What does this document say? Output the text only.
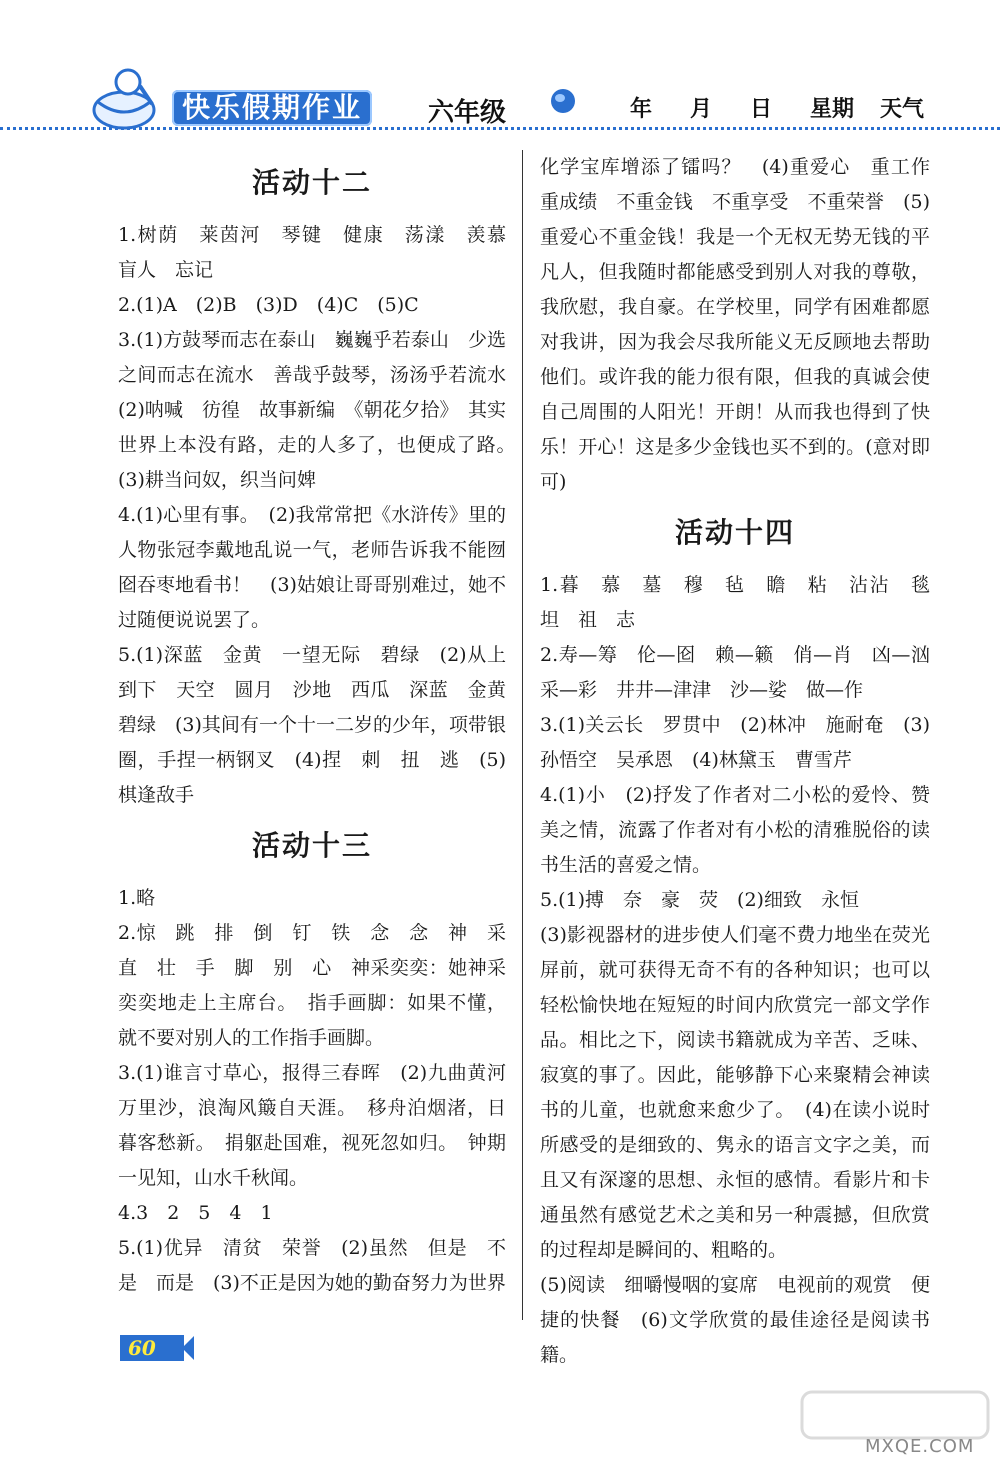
快乐假期作业	六年级	年 月 日 星期 天气
活动十二

1.树荫　莱茵河　琴键　健康　荡漾　羡慕　盲人　忘记

2.(1)A　(2)B　(3)D　(4)C　(5)C

3.(1)方鼓琴而志在泰山　巍巍乎若泰山　少选之间而志在流水　善哉乎鼓琴，汤汤乎若流水　(2)呐喊　彷徨　故事新编　《朝花夕拾》　其实世界上本没有路，走的人多了，也便成了路。　(3)耕当问奴，织当问婢

4.(1)心里有事。　(2)我常常把《水浒传》里的人物张冠李戴地乱说一气，老师告诉我不能囫囵吞枣地看书！　(3)姑娘让哥哥别难过，她不过随便说说罢了。

5.(1)深蓝　金黄　一望无际　碧绿　(2)从上到下　天空　圆月　沙地　西瓜　深蓝　金黄　碧绿　(3)其间有一个十一二岁的少年，项带银圈，手捏一柄钢叉　(4)捏　刺　扭　逃　(5)棋逢敌手

活动十三

1.略

2.惊　跳　排　倒　钉　铁　念　念　神　采　直　壮　手　脚　别　心　神采奕奕：她神采奕奕地走上主席台。　指手画脚：如果不懂，就不要对别人的工作指手画脚。

3.(1)谁言寸草心，报得三春晖　(2)九曲黄河万里沙，浪淘风簸自天涯。　移舟泊烟渚，日暮客愁新。　捐躯赴国难，视死忽如归。　钟期一见知，山水千秋闻。

4.3　2　5　4　1

5.(1)优异　清贫　荣誉　(2)虽然　但是　不是　而是　(3)不正是因为她的勤奋努力为世界

化学宝库增添了镭吗？　(4)重爱心　重工作　重成绩　不重金钱　不重享受　不重荣誉　(5)重爱心不重金钱！我是一个无权无势无钱的平凡人，但我随时都能感受到别人对我的尊敬，我欣慰，我自豪。在学校里，同学有困难都愿对我讲，因为我会尽我所能义无反顾地去帮助他们。或许我的能力很有限，但我的真诚会使自己周围的人阳光！开朗！从而我也得到了快乐！开心！这是多少金钱也买不到的。(意对即可)

活动十四

1.暮　慕　墓　穆　毡　瞻　粘　沾沾　毯　坦　祖　志

2.寿—筹　伦—囵　赖—籁　俏—肖　凶—汹　采—彩　井井—津津　沙—娑　做—作

3.(1)关云长　罗贯中　(2)林冲　施耐奄　(3)孙悟空　吴承恩　(4)林黛玉　曹雪芹

4.(1)小　(2)抒发了作者对二小松的爱怜、赞美之情，流露了作者对有小松的清雅脱俗的读书生活的喜爱之情。

5.(1)搏　奈　豪　荧　(2)细致　永恒

(3)影视器材的进步使人们毫不费力地坐在荧光屏前，就可获得无奇不有的各种知识；也可以轻松愉快地在短短的时间内欣赏完一部文学作品。相比之下，阅读书籍就成为辛苦、乏味、寂寞的事了。因此，能够静下心来聚精会神读书的儿童，也就愈来愈少了。　(4)在读小说时所感受的是细致的、隽永的语言文字之美，而且又有深邃的思想、永恒的感情。看影片和卡通虽然有感觉艺术之美和另一种震撼，但欣赏的过程却是瞬间的、粗略的。

(5)阅读　细嚼慢咽的宴席　电视前的观赏　便捷的快餐　(6)文学欣赏的最佳途径是阅读书籍。

60
MXQE.COM
